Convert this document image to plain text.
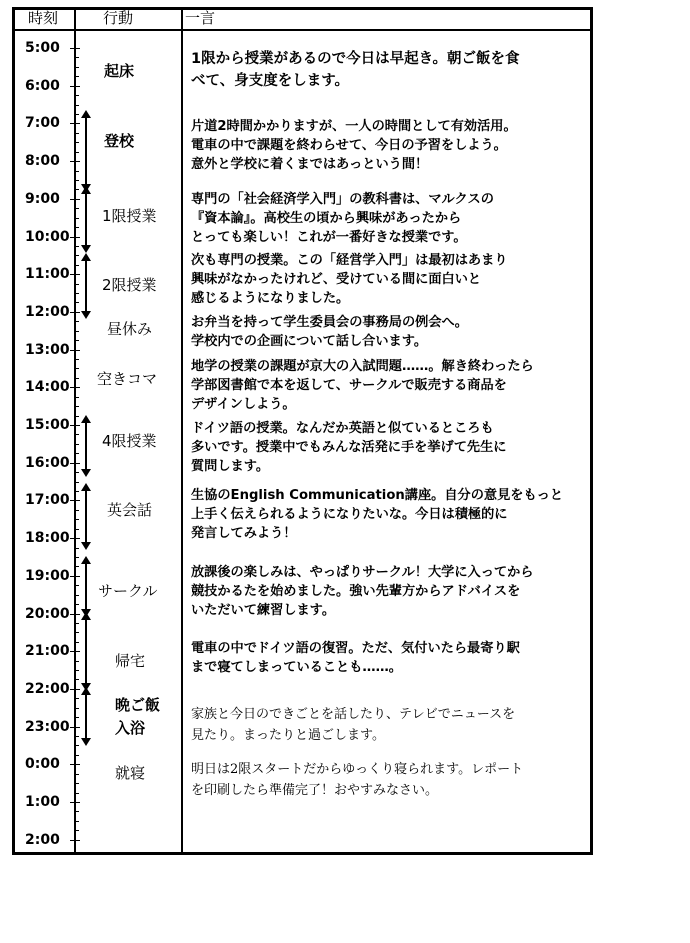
時刻	行動	一言
起床
登校
1限授業
2限授業
昼休み
空きコマ
4限授業
英会話
サークル
帰宅
晩ご飯
入浴
就寝
1限から授業があるので今日は早起き。朝ご飯を食
べて、身支度をします。
片道2時間かかりますが、一人の時間として有効活用。
電車の中で課題を終わらせて、今日の予習をしよう。
意外と学校に着くまではあっという間！
専門の「社会経済学入門」の教科書は、マルクスの
『資本論』。高校生の頃から興味があったから
とっても楽しい！これが一番好きな授業です。
次も専門の授業。この「経営学入門」は最初はあまり
興味がなかったけれど、受けている間に面白いと
感じるようになりました。
お弁当を持って学生委員会の事務局の例会へ。
学校内での企画について話し合います。
地学の授業の課題が京大の入試問題……。解き終わったら
学部図書館で本を返して、サークルで販売する商品を
デザインしよう。
ドイツ語の授業。なんだか英語と似ているところも
多いです。授業中でもみんな活発に手を挙げて先生に
質問します。
生協のEnglish Communication講座。自分の意見をもっと
上手く伝えられるようになりたいな。今日は積極的に
発言してみよう！
放課後の楽しみは、やっぱりサークル！大学に入ってから
競技かるたを始めました。強い先輩方からアドバイスを
いただいて練習します。
電車の中でドイツ語の復習。ただ、気付いたら最寄り駅
まで寝てしまっていることも……。
家族と今日のできごとを話したり、テレビでニュースを
見たり。まったりと過ごします。
明日は2限スタートだからゆっくり寝られます。レポート
を印刷したら準備完了！おやすみなさい。
5:00
6:00
7:00
8:00
9:00
10:00
11:00
12:00
13:00
14:00
15:00
16:00
17:00
18:00
19:00
20:00
21:00
22:00
23:00
0:00
1:00
2:00
